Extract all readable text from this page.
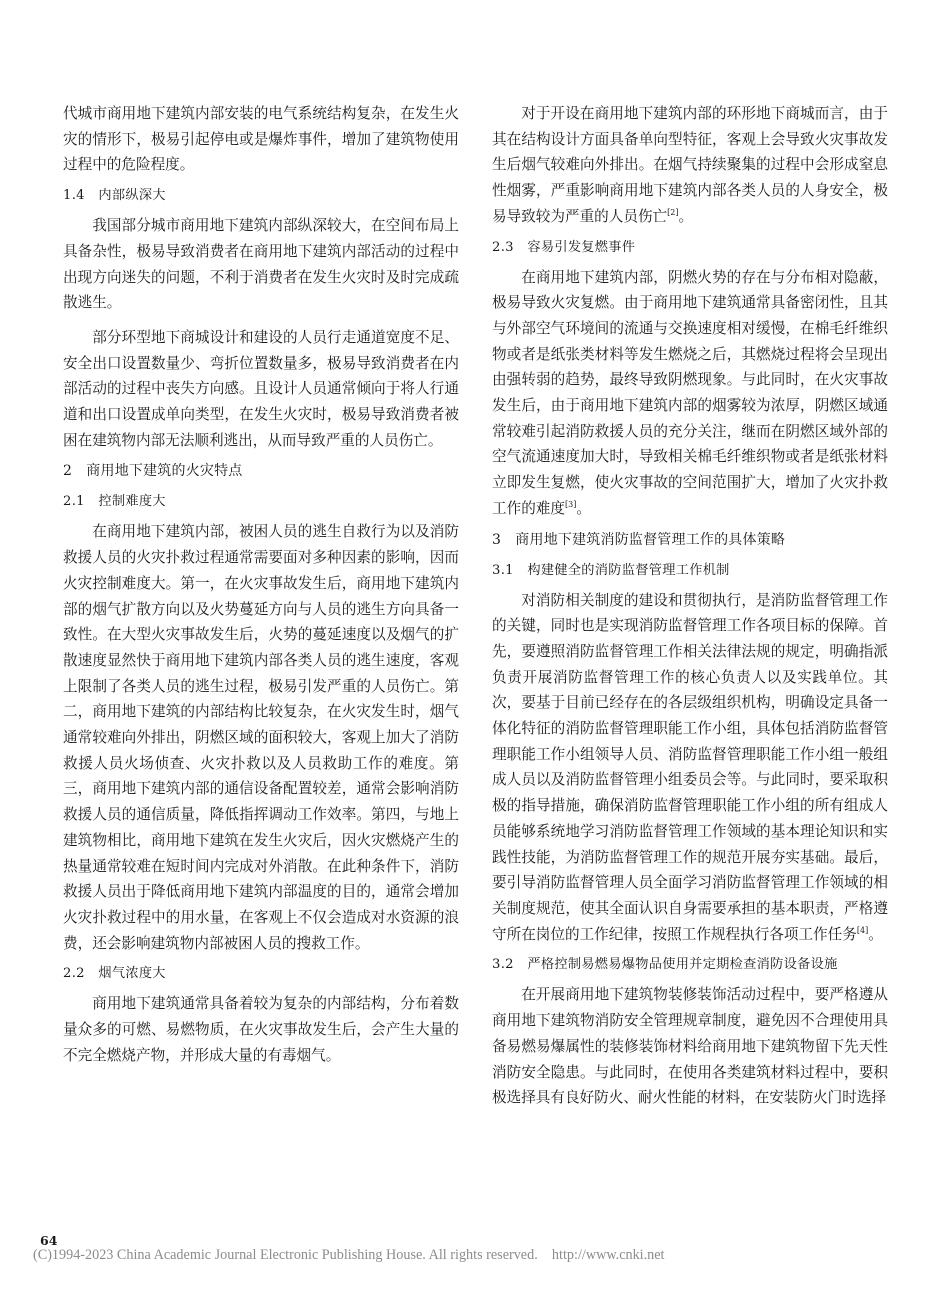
代城市商用地下建筑内部安装的电气系统结构复杂，在发生火灾的情形下，极易引起停电或是爆炸事件，增加了建筑物使用过程中的危险程度。

1.4　内部纵深大

我国部分城市商用地下建筑内部纵深较大，在空间布局上具备杂性，极易导致消费者在商用地下建筑内部活动的过程中出现方向迷失的问题，不利于消费者在发生火灾时及时完成疏散逃生。

部分环型地下商城设计和建设的人员行走通道宽度不足、安全出口设置数量少、弯折位置数量多，极易导致消费者在内部活动的过程中丧失方向感。且设计人员通常倾向于将人行通道和出口设置成单向类型，在发生火灾时，极易导致消费者被困在建筑物内部无法顺利逃出，从而导致严重的人员伤亡。

2　商用地下建筑的火灾特点
2.1　控制难度大

在商用地下建筑内部，被困人员的逃生自救行为以及消防救援人员的火灾扑救过程通常需要面对多种因素的影响，因而火灾控制难度大。第一，在火灾事故发生后，商用地下建筑内部的烟气扩散方向以及火势蔓延方向与人员的逃生方向具备一致性。在大型火灾事故发生后，火势的蔓延速度以及烟气的扩散速度显然快于商用地下建筑内部各类人员的逃生速度，客观上限制了各类人员的逃生过程，极易引发严重的人员伤亡。第二，商用地下建筑的内部结构比较复杂，在火灾发生时，烟气通常较难向外排出，阴燃区域的面积较大，客观上加大了消防救援人员火场侦查、火灾扑救以及人员救助工作的难度。第三，商用地下建筑内部的通信设备配置较差，通常会影响消防救援人员的通信质量，降低指挥调动工作效率。第四，与地上建筑物相比，商用地下建筑在发生火灾后，因火灾燃烧产生的热量通常较难在短时间内完成对外消散。在此种条件下，消防救援人员出于降低商用地下建筑内部温度的目的，通常会增加火灾扑救过程中的用水量，在客观上不仅会造成对水资源的浪费，还会影响建筑物内部被困人员的搜救工作。

2.2　烟气浓度大

商用地下建筑通常具备着较为复杂的内部结构，分布着数量众多的可燃、易燃物质，在火灾事故发生后，会产生大量的不完全燃烧产物，并形成大量的有毒烟气。

对于开设在商用地下建筑内部的环形地下商城而言，由于其在结构设计方面具备单向型特征，客观上会导致火灾事故发生后烟气较难向外排出。在烟气持续聚集的过程中会形成窒息性烟雾，严重影响商用地下建筑内部各类人员的人身安全，极易导致较为严重的人员伤亡[2]。

2.3　容易引发复燃事件

在商用地下建筑内部，阴燃火势的存在与分布相对隐蔽，极易导致火灾复燃。由于商用地下建筑通常具备密闭性，且其与外部空气环境间的流通与交换速度相对缓慢，在棉毛纤维织物或者是纸张类材料等发生燃烧之后，其燃烧过程将会呈现出由强转弱的趋势，最终导致阴燃现象。与此同时，在火灾事故发生后，由于商用地下建筑内部的烟雾较为浓厚，阴燃区域通常较难引起消防救援人员的充分关注，继而在阴燃区域外部的空气流通速度加大时，导致相关棉毛纤维织物或者是纸张材料立即发生复燃，使火灾事故的空间范围扩大，增加了火灾扑救工作的难度[3]。

3　商用地下建筑消防监督管理工作的具体策略
3.1　构建健全的消防监督管理工作机制

对消防相关制度的建设和贯彻执行，是消防监督管理工作的关键，同时也是实现消防监督管理工作各项目标的保障。首先，要遵照消防监督管理工作相关法律法规的规定，明确指派负责开展消防监督管理工作的核心负责人以及实践单位。其次，要基于目前已经存在的各层级组织机构，明确设定具备一体化特征的消防监督管理职能工作小组，具体包括消防监督管理职能工作小组领导人员、消防监督管理职能工作小组一般组成人员以及消防监督管理小组委员会等。与此同时，要采取积极的指导措施，确保消防监督管理职能工作小组的所有组成人员能够系统地学习消防监督管理工作领域的基本理论知识和实践性技能，为消防监督管理工作的规范开展夯实基础。最后，要引导消防监督管理人员全面学习消防监督管理工作领域的相关制度规范，使其全面认识自身需要承担的基本职责，严格遵守所在岗位的工作纪律，按照工作规程执行各项工作任务[4]。

3.2　严格控制易燃易爆物品使用并定期检查消防设备设施

在开展商用地下建筑物装修装饰活动过程中，要严格遵从商用地下建筑物消防安全管理规章制度，避免因不合理使用具备易燃易爆属性的装修装饰材料给商用地下建筑物留下先天性消防安全隐患。与此同时，在使用各类建筑材料过程中，要积极选择具有良好防火、耐火性能的材料，在安装防火门时选择

64
(C)1994-2023 China Academic Journal Electronic Publishing House. All rights reserved.　http://www.cnki.net
